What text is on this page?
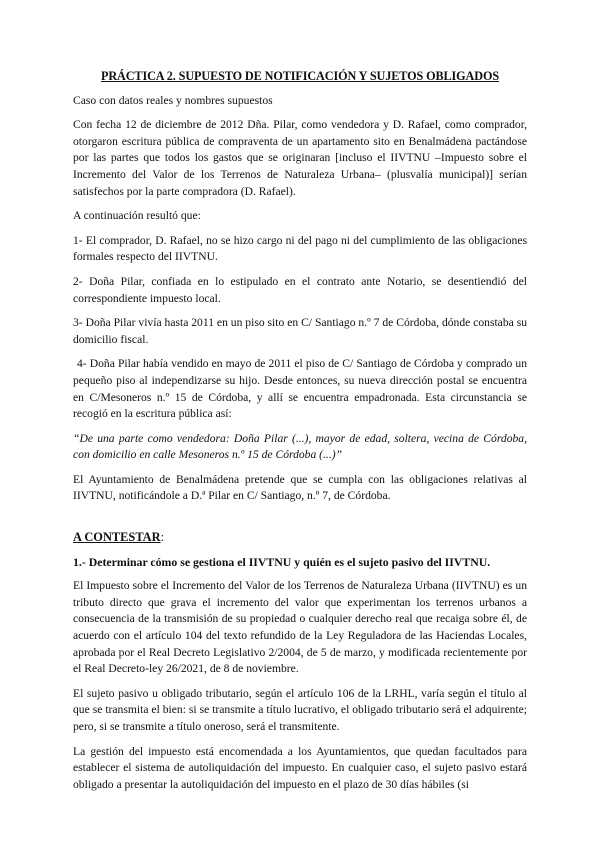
PRÁCTICA 2. SUPUESTO DE NOTIFICACIÓN Y SUJETOS OBLIGADOS

Caso con datos reales y nombres supuestos

Con fecha 12 de diciembre de 2012 Dña. Pilar, como vendedora y D. Rafael, como comprador, otorgaron escritura pública de compraventa de un apartamento sito en Benalmádena pactándose por las partes que todos los gastos que se originaran [incluso el IIVTNU –Impuesto sobre el Incremento del Valor de los Terrenos de Naturaleza Urbana– (plusvalía municipal)] serían satisfechos por la parte compradora (D. Rafael).

A continuación resultó que:

1- El comprador, D. Rafael, no se hizo cargo ni del pago ni del cumplimiento de las obligaciones formales respecto del IIVTNU.

2- Doña Pilar, confiada en lo estipulado en el contrato ante Notario, se desentiendió del correspondiente impuesto local.

3- Doña Pilar vivía hasta 2011 en un piso sito en C/ Santiago n.º 7 de Córdoba, dónde constaba su domicilio fiscal.

4- Doña Pilar había vendido en mayo de 2011 el piso de C/ Santiago de Córdoba y comprado un pequeño piso al independizarse su hijo. Desde entonces, su nueva dirección postal se encuentra en C/Mesoneros n.º 15 de Córdoba, y allí se encuentra empadronada. Esta circunstancia se recogió en la escritura pública así:

“De una parte como vendedora: Doña Pilar (...), mayor de edad, soltera, vecina de Córdoba, con domicilio en calle Mesoneros n.º 15 de Córdoba (...)”

El Ayuntamiento de Benalmádena pretende que se cumpla con las obligaciones relativas al IIVTNU, notificándole a D.ª Pilar en C/ Santiago, n.º 7, de Córdoba.

A CONTESTAR:

1.- Determinar cómo se gestiona el IIVTNU y quién es el sujeto pasivo del IIVTNU.

El Impuesto sobre el Incremento del Valor de los Terrenos de Naturaleza Urbana (IIVTNU) es un tributo directo que grava el incremento del valor que experimentan los terrenos urbanos a consecuencia de la transmisión de su propiedad o cualquier derecho real que recaiga sobre él, de acuerdo con el artículo 104 del texto refundido de la Ley Reguladora de las Haciendas Locales, aprobada por el Real Decreto Legislativo 2/2004, de 5 de marzo, y modificada recientemente por el Real Decreto-ley 26/2021, de 8 de noviembre.

El sujeto pasivo u obligado tributario, según el artículo 106 de la LRHL, varía según el título al que se transmita el bien: si se transmite a título lucrativo, el obligado tributario será el adquirente; pero, si se transmite a título oneroso, será el transmitente.

La gestión del impuesto está encomendada a los Ayuntamientos, que quedan facultados para establecer el sistema de autoliquidación del impuesto. En cualquier caso, el sujeto pasivo estará obligado a presentar la autoliquidación del impuesto en el plazo de 30 días hábiles (si
